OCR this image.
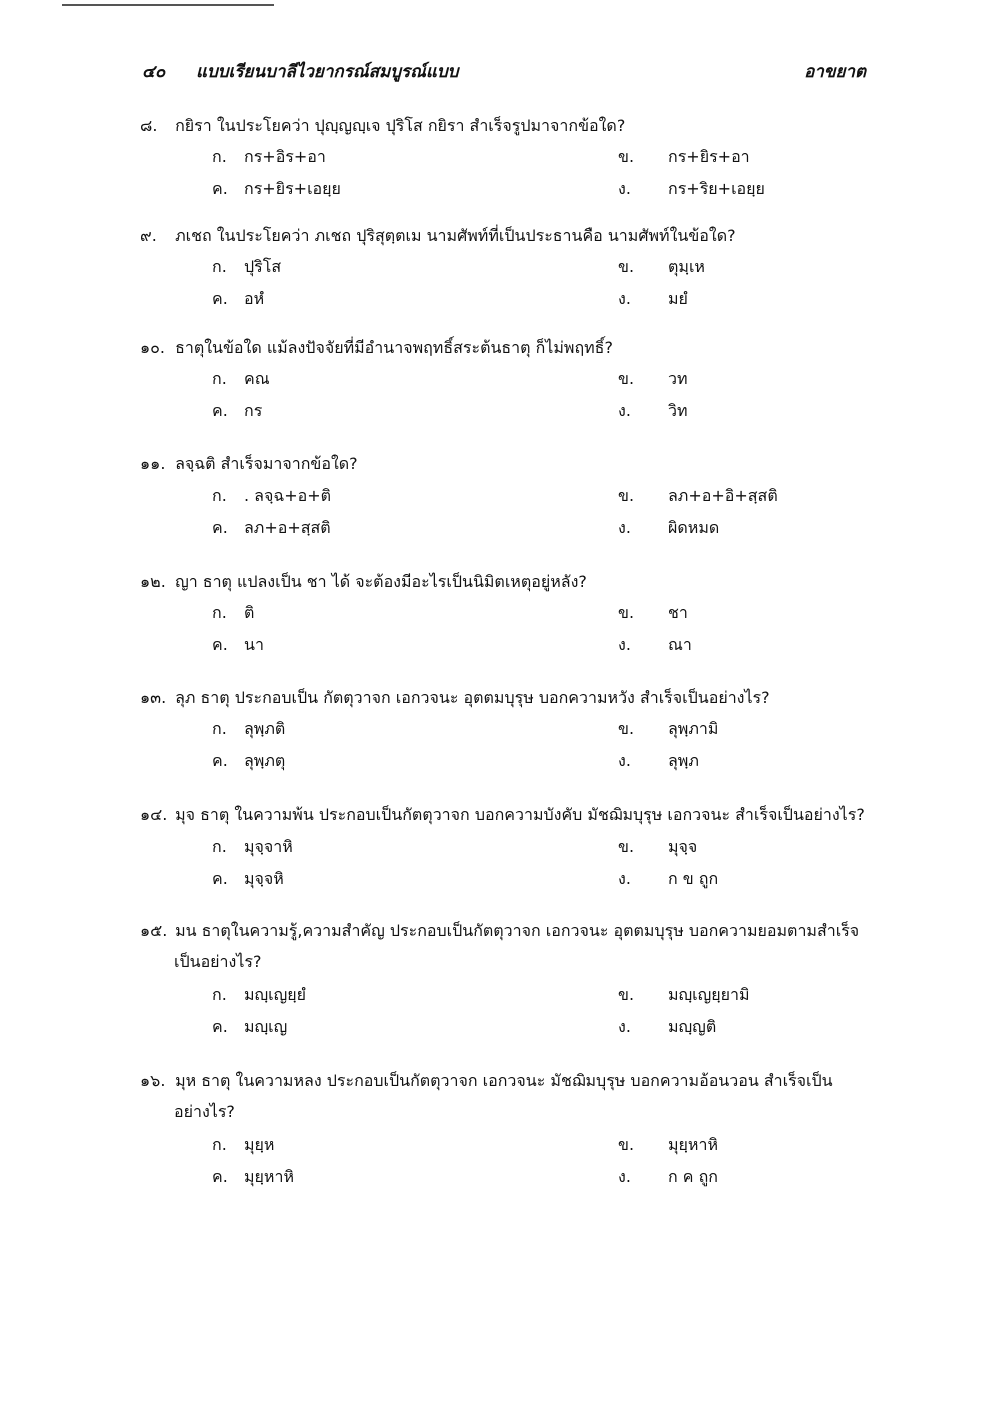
๔๐ แบบเรียนบาลีไวยากรณ์สมบูรณ์แบบ	อาขยาต
๘. กยิรา ในประโยคว่า ปุญฺญญฺเจ ปุริโส กยิรา สำเร็จรูปมาจากข้อใด?
ก. กร+อิร+อา	ข. กร+ยิร+อา
ค. กร+ยิร+เอยฺย	ง. กร+ริย+เอยฺย
๙. ภเชถ ในประโยคว่า ภเชถ ปุริสุตฺตเม นามศัพท์ที่เป็นประธานคือ นามศัพท์ในข้อใด?
ก. ปุริโส	ข. ตุมฺเห
ค. อหํ	ง. มยํ
๑๐. ธาตุในข้อใด แม้ลงปัจจัยที่มีอำนาจพฤทธิ์สระต้นธาตุ ก็ไม่พฤทธิ์?
ก. คณ	ข. วท
ค. กร	ง. วิท
๑๑. ลจฺฉติ สำเร็จมาจากข้อใด?
ก. . ลจฺฉ+อ+ติ	ข. ลภ+อ+อิ+สฺสติ
ค. ลภ+อ+สฺสติ	ง. ผิดหมด
๑๒. ญา ธาตุ แปลงเป็น ชา ได้ จะต้องมีอะไรเป็นนิมิตเหตุอยู่หลัง?
ก. ติ	ข. ชา
ค. นา	ง. ณา
๑๓. ลุภ ธาตุ ประกอบเป็น กัตตุวาจก เอกวจนะ อุตตมบุรุษ บอกความหวัง สำเร็จเป็นอย่างไร?
ก. ลุพฺภติ	ข. ลุพฺภามิ
ค. ลุพฺภตุ	ง. ลุพฺภ
๑๔. มุจ ธาตุ ในความพ้น ประกอบเป็นกัตตุวาจก บอกความบังคับ มัชฌิมบุรุษ เอกวจนะ สำเร็จเป็นอย่างไร?
ก. มุจฺจาหิ	ข. มุจฺจ
ค. มุจฺจหิ	ง. ก ข ถูก
๑๕. มน ธาตุในความรู้,ความสำคัญ ประกอบเป็นกัตตุวาจก เอกวจนะ อุตตมบุรุษ บอกความยอมตามสำเร็จ
เป็นอย่างไร?
ก. มญฺเญยฺยํ	ข. มญฺเญยฺยามิ
ค. มญฺเญ	ง. มญฺญติ
๑๖. มุห ธาตุ ในความหลง ประกอบเป็นกัตตุวาจก เอกวจนะ มัชฌิมบุรุษ บอกความอ้อนวอน สำเร็จเป็น
อย่างไร?
ก. มุยฺห	ข. มุยฺหาหิ
ค. มุยฺหาหิ	ง. ก ค ถูก
